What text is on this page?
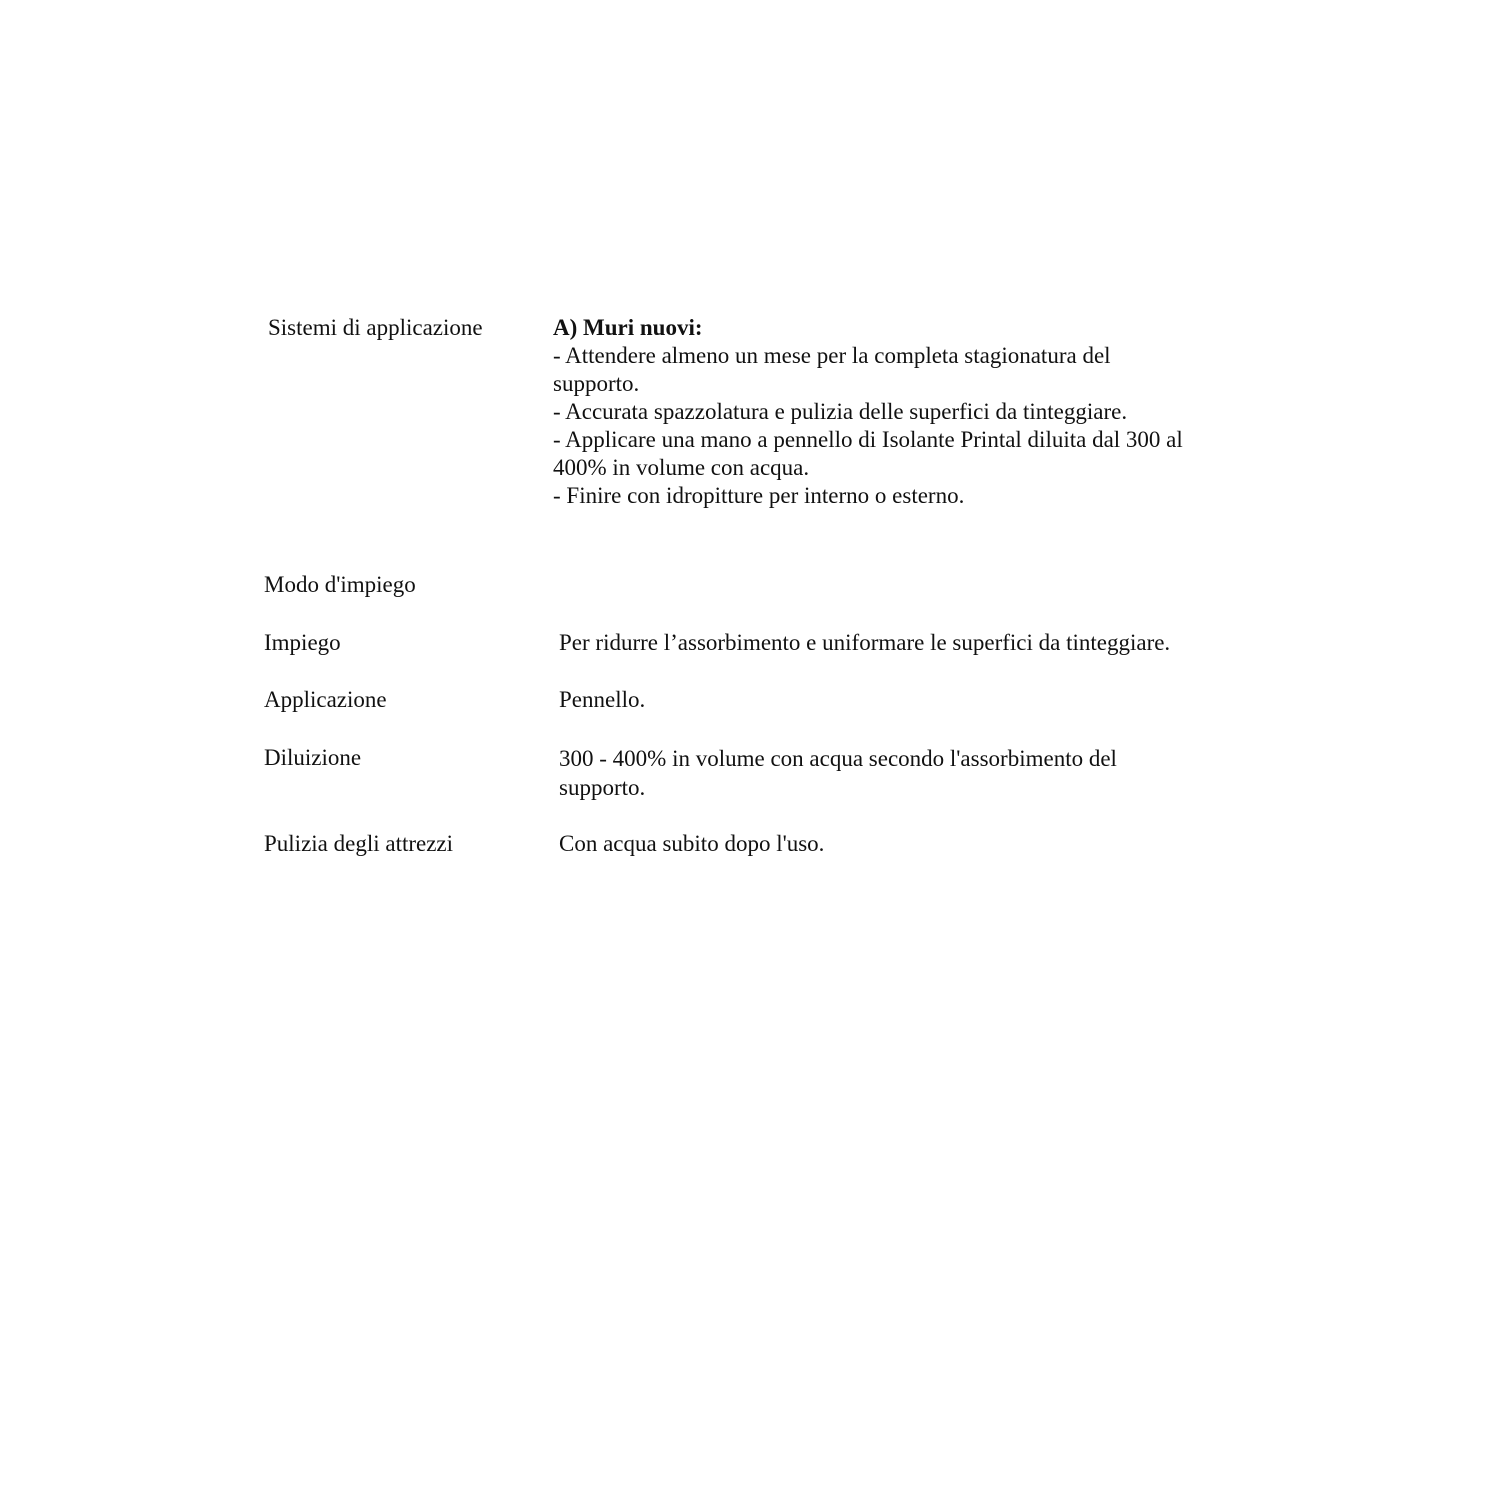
Sistemi di applicazione	A) Muri nuovi:
- Attendere almeno un mese per la completa stagionatura del
supporto.
- Accurata spazzolatura e pulizia delle superfici da tinteggiare.
- Applicare una mano a pennello di Isolante Printal diluita dal 300 al
400% in volume con acqua.
- Finire con idropitture per interno o esterno.
Modo d'impiego
Impiego	Per ridurre l’assorbimento e uniformare le superfici da tinteggiare.
Applicazione	Pennello.
Diluizione	300 - 400% in volume con acqua secondo l'assorbimento del
supporto.
Pulizia degli attrezzi	Con acqua subito dopo l'uso.
